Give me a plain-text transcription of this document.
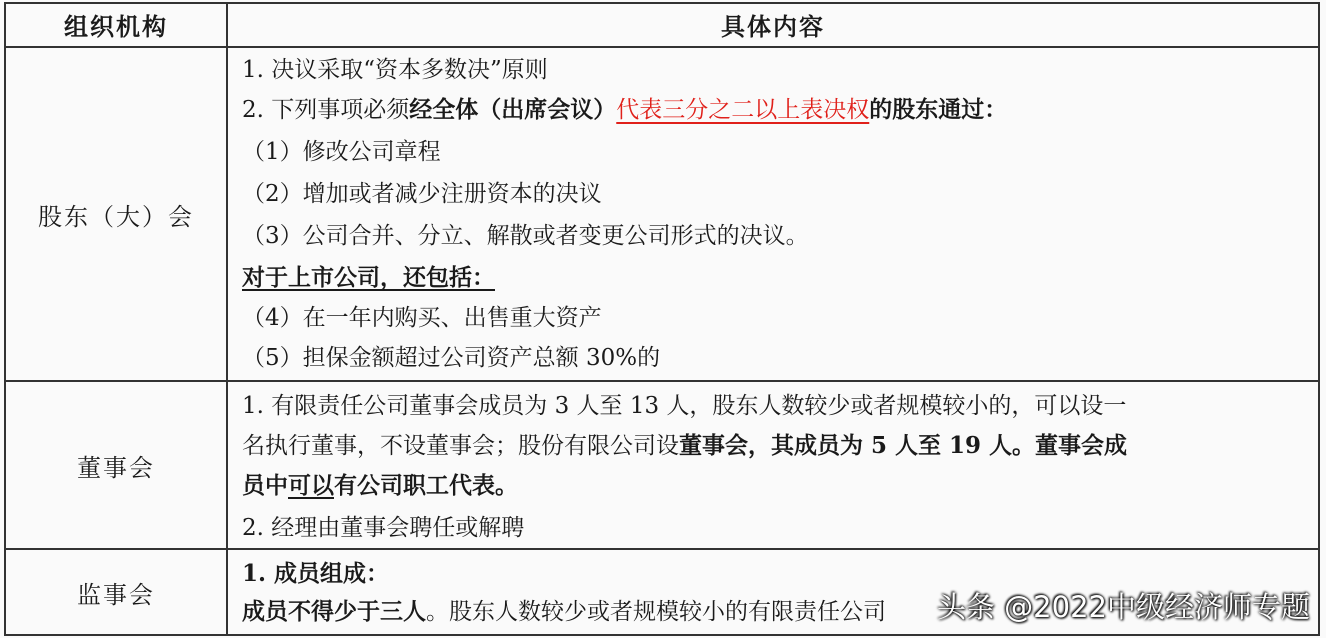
组织机构	具体内容
股东（大）会
1. 决议采取“资本多数决”原则
2. 下列事项必须经全体（出席会议）代表三分之二以上表决权的股东通过：
（1）修改公司章程
（2）增加或者减少注册资本的决议
（3）公司合并、分立、解散或者变更公司形式的决议。
对于上市公司，还包括：
（4）在一年内购买、出售重大资产
（5）担保金额超过公司资产总额 30%的
董事会
1. 有限责任公司董事会成员为 3 人至 13 人，股东人数较少或者规模较小的，可以设一
名执行董事，不设董事会；股份有限公司设董事会，其成员为 5 人至 19 人。董事会成
员中可以有公司职工代表。
2. 经理由董事会聘任或解聘
监事会
1. 成员组成：
成员不得少于三人。股东人数较少或者规模较小的有限责任公司 头条 @2022中级经济师专题
